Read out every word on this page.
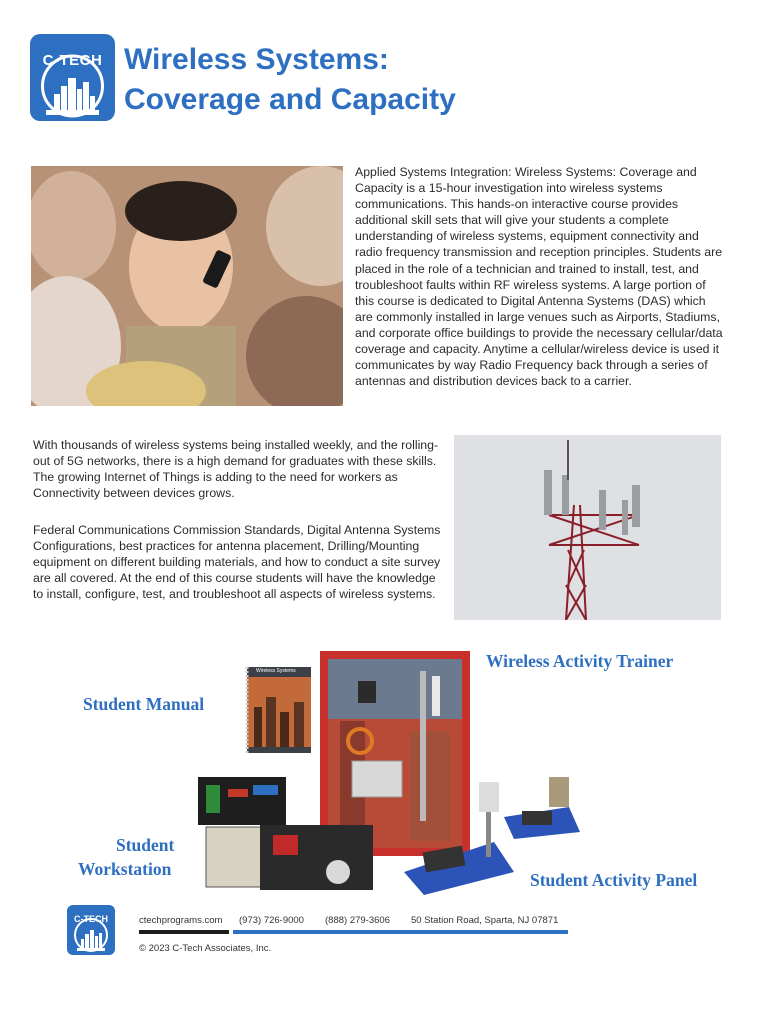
C-TECH Wireless Systems:
Coverage and Capacity
Applied Systems Integration: Wireless Systems: Coverage and Capacity is a 15-hour investigation into wireless systems communications. This hands-on interactive course provides additional skill sets that will give your students a complete understanding of wireless systems, equipment connectivity and radio frequency transmission and reception principles. Students are placed in the role of a technician and trained to install, test, and troubleshoot faults within RF wireless systems. A large portion of this course is dedicated to Digital Antenna Systems (DAS) which are commonly installed in large venues such as Airports, Stadiums, and corporate office buildings to provide the necessary cellular/data coverage and capacity. Anytime a cellular/wireless device is used it communicates by way Radio Frequency back through a series of antennas and distribution devices back to a carrier.
With thousands of wireless systems being installed weekly, and the rolling-out of 5G networks, there is a high demand for graduates with these skills. The growing Internet of Things is adding to the need for workers as Connectivity between devices grows.
Federal Communications Commission Standards, Digital Antenna Systems Configurations, best practices for antenna placement, Drilling/Mounting equipment on different building materials, and how to conduct a site survey are all covered. At the end of this course students will have the knowledge to install, configure, test, and troubleshoot all aspects of wireless systems.
Wireless Activity Trainer
Student Manual
Student
Workstation
Student Activity Panel
Wireless Systems
C-TECH	ctechprograms.com (973) 726-9000 (888) 279-3606 50 Station Road, Sparta, NJ 07871
© 2023 C-Tech Associates, Inc.
